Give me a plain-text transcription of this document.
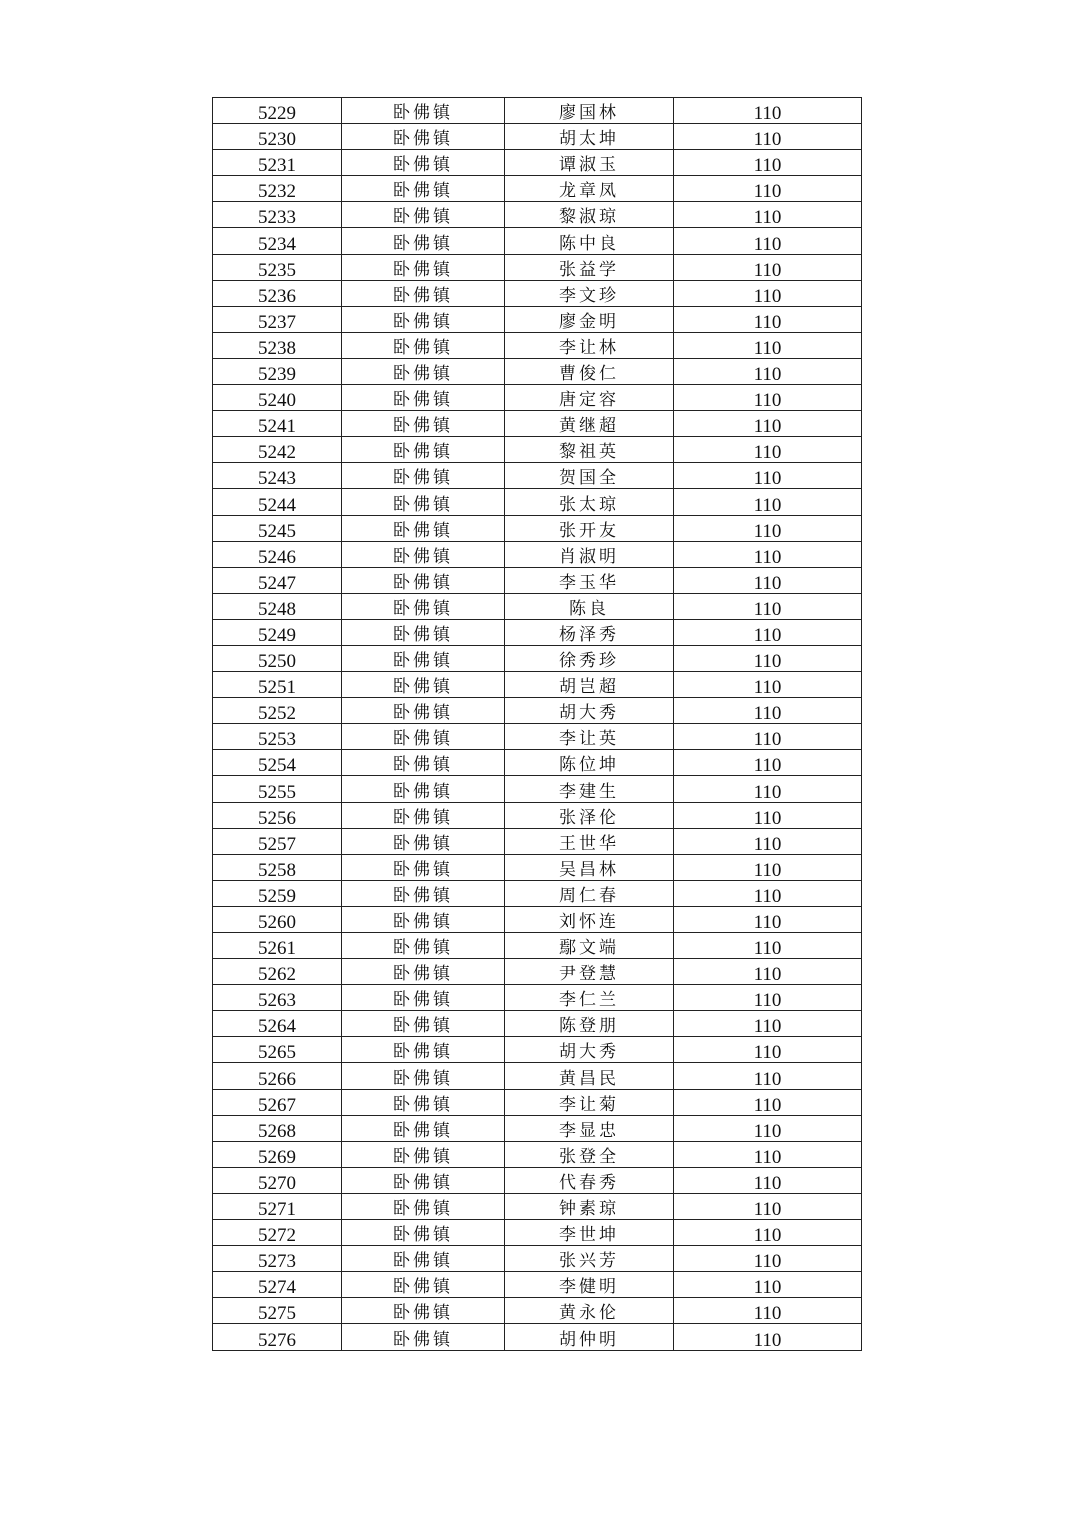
5229	卧佛镇	廖国林	110
5230	卧佛镇	胡太坤	110
5231	卧佛镇	谭淑玉	110
5232	卧佛镇	龙章凤	110
5233	卧佛镇	黎淑琼	110
5234	卧佛镇	陈中良	110
5235	卧佛镇	张益学	110
5236	卧佛镇	李文珍	110
5237	卧佛镇	廖金明	110
5238	卧佛镇	李让林	110
5239	卧佛镇	曹俊仁	110
5240	卧佛镇	唐定容	110
5241	卧佛镇	黄继超	110
5242	卧佛镇	黎祖英	110
5243	卧佛镇	贺国全	110
5244	卧佛镇	张太琼	110
5245	卧佛镇	张开友	110
5246	卧佛镇	肖淑明	110
5247	卧佛镇	李玉华	110
5248	卧佛镇	陈良	110
5249	卧佛镇	杨泽秀	110
5250	卧佛镇	徐秀珍	110
5251	卧佛镇	胡岂超	110
5252	卧佛镇	胡大秀	110
5253	卧佛镇	李让英	110
5254	卧佛镇	陈位坤	110
5255	卧佛镇	李建生	110
5256	卧佛镇	张泽伦	110
5257	卧佛镇	王世华	110
5258	卧佛镇	吴昌林	110
5259	卧佛镇	周仁春	110
5260	卧佛镇	刘怀连	110
5261	卧佛镇	鄢文端	110
5262	卧佛镇	尹登慧	110
5263	卧佛镇	李仁兰	110
5264	卧佛镇	陈登朋	110
5265	卧佛镇	胡大秀	110
5266	卧佛镇	黄昌民	110
5267	卧佛镇	李让菊	110
5268	卧佛镇	李显忠	110
5269	卧佛镇	张登全	110
5270	卧佛镇	代春秀	110
5271	卧佛镇	钟素琼	110
5272	卧佛镇	李世坤	110
5273	卧佛镇	张兴芳	110
5274	卧佛镇	李健明	110
5275	卧佛镇	黄永伦	110
5276	卧佛镇	胡仲明	110
